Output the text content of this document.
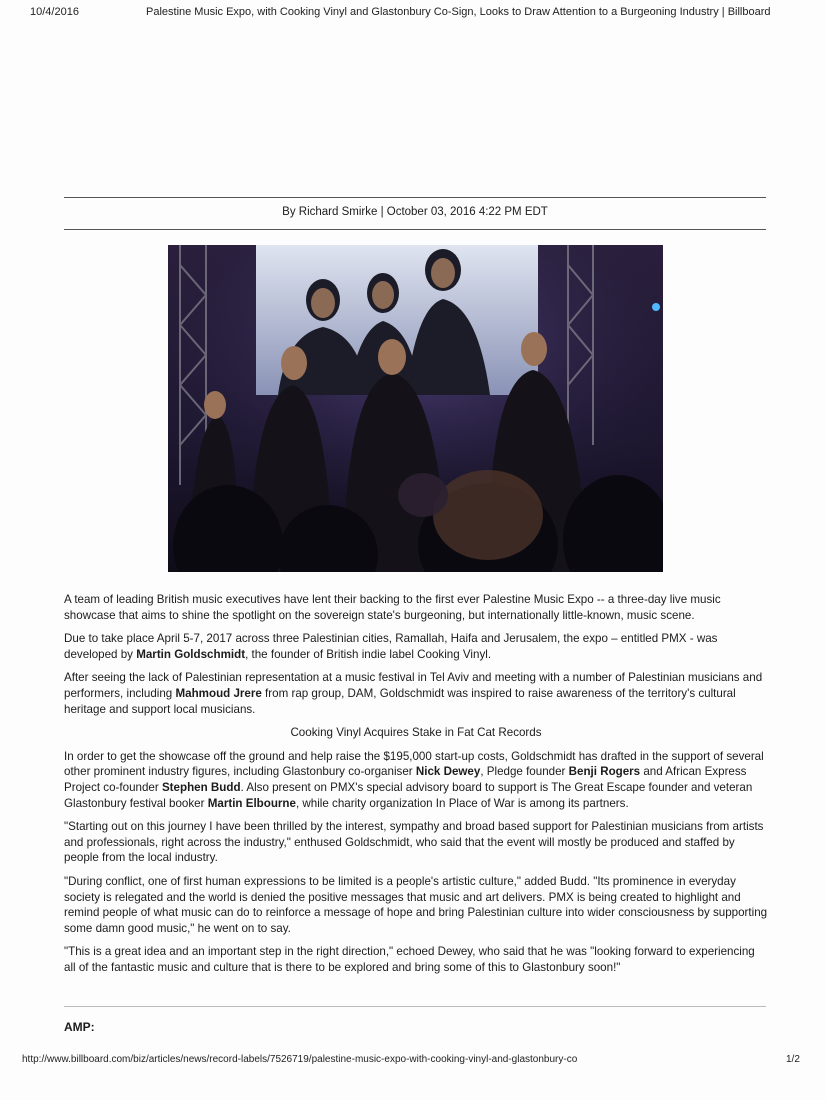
10/4/2016	Palestine Music Expo, with Cooking Vinyl and Glastonbury Co-Sign, Looks to Draw Attention to a Burgeoning Industry | Billboard
By Richard Smirke | October 03, 2016 4:22 PM EDT

A team of leading British music executives have lent their backing to the first ever Palestine Music Expo -- a three-day live music showcase that aims to shine the spotlight on the sovereign state's burgeoning, but internationally little-known, music scene.

Due to take place April 5-7, 2017 across three Palestinian cities, Ramallah, Haifa and Jerusalem, the expo – entitled PMX - was developed by Martin Goldschmidt, the founder of British indie label Cooking Vinyl.

After seeing the lack of Palestinian representation at a music festival in Tel Aviv and meeting with a number of Palestinian musicians and performers, including Mahmoud Jrere from rap group, DAM, Goldschmidt was inspired to raise awareness of the territory's cultural heritage and support local musicians.

Cooking Vinyl Acquires Stake in Fat Cat Records

In order to get the showcase off the ground and help raise the $195,000 start-up costs, Goldschmidt has drafted in the support of several other prominent industry figures, including Glastonbury co-organiser Nick Dewey, Pledge founder Benji Rogers and African Express Project co-founder Stephen Budd. Also present on PMX's special advisory board to support is The Great Escape founder and veteran Glastonbury festival booker Martin Elbourne, while charity organization In Place of War is among its partners.

"Starting out on this journey I have been thrilled by the interest, sympathy and broad based support for Palestinian musicians from artists and professionals, right across the industry," enthused Goldschmidt, who said that the event will mostly be produced and staffed by people from the local industry.

"During conflict, one of first human expressions to be limited is a people's artistic culture," added Budd. "Its prominence in everyday society is relegated and the world is denied the positive messages that music and art delivers. PMX is being created to highlight and remind people of what music can do to reinforce a message of hope and bring Palestinian culture into wider consciousness by supporting some damn good music," he went on to say.

"This is a great idea and an important step in the right direction," echoed Dewey, who said that he was "looking forward to experiencing all of the fantastic music and culture that is there to be explored and bring some of this to Glastonbury soon!"

AMP:
http://www.billboard.com/biz/articles/news/record-labels/7526719/palestine-music-expo-with-cooking-vinyl-and-glastonbury-co	1/2
